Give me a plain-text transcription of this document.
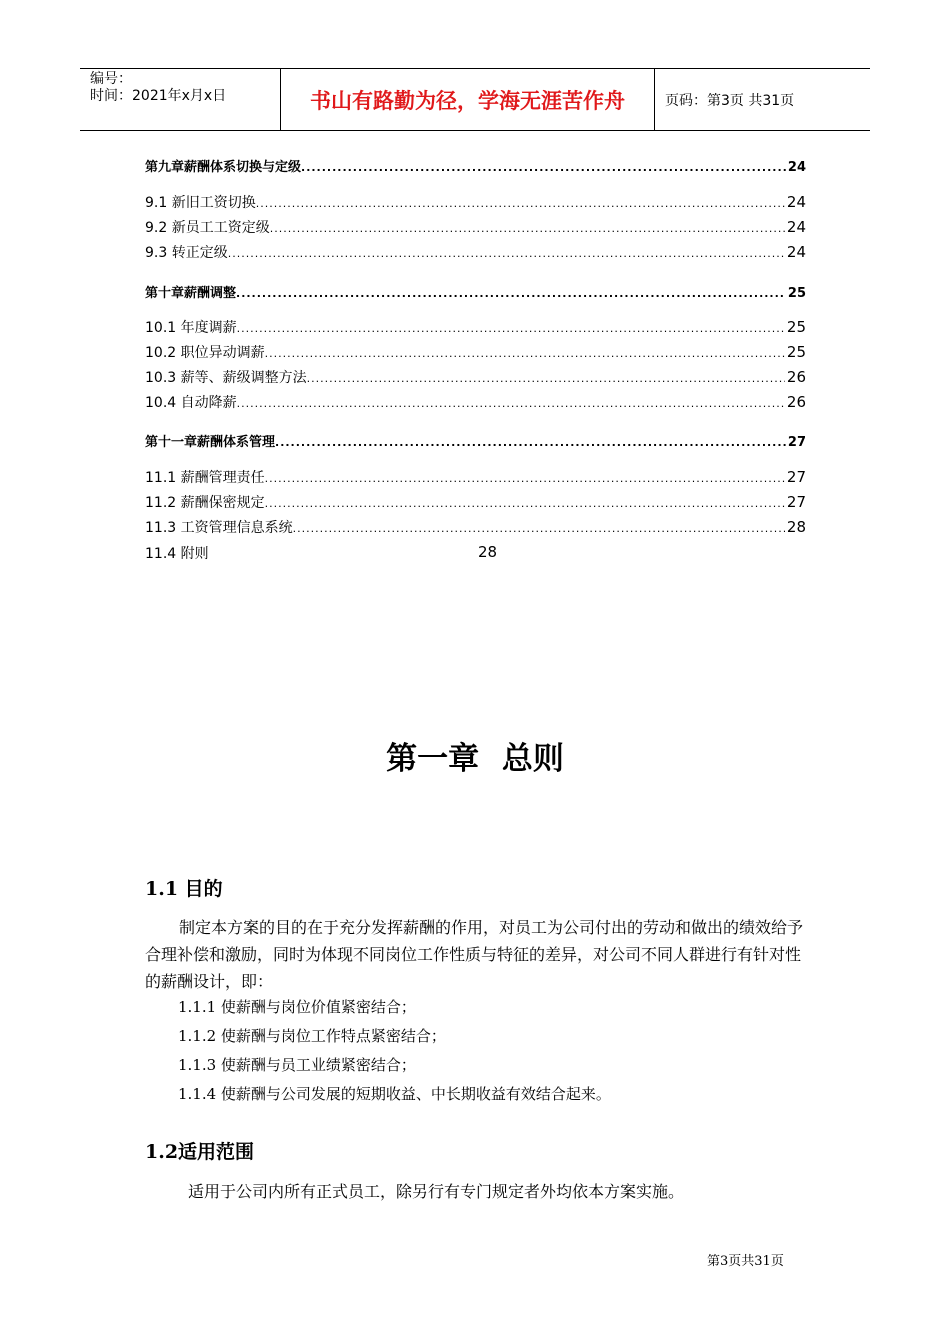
编号：
时间：2021年x月x日	书山有路勤为径，学海无涯苦作舟	页码：第3页 共31页
第九章薪酬体系切换与定级 .....	24
9.1 新旧工资切换 .....	24
9.2 新员工工资定级 .....	24
9.3 转正定级 .....	24
第十章薪酬调整 .....	25
10.1 年度调薪 .....	25
10.2 职位异动调薪 .....	25
10.3 薪等、薪级调整方法 .....	26
10.4 自动降薪 .....	26
第十一章薪酬体系管理 .....	27
11.1 薪酬管理责任 .....	27
11.2 薪酬保密规定 .....	27
11.3 工资管理信息系统 .....	28
11.4 附则	28
第一章 总则
1.1 目的
制定本方案的目的在于充分发挥薪酬的作用，对员工为公司付出的劳动和做出的绩效给予合理补偿和激励，同时为体现不同岗位工作性质与特征的差异，对公司不同人群进行有针对性的薪酬设计，即：
1.1.1 使薪酬与岗位价值紧密结合；
1.1.2 使薪酬与岗位工作特点紧密结合；
1.1.3 使薪酬与员工业绩紧密结合；
1.1.4 使薪酬与公司发展的短期收益、中长期收益有效结合起来。
1.2适用范围
适用于公司内所有正式员工，除另行有专门规定者外均依本方案实施。
第3页共31页
